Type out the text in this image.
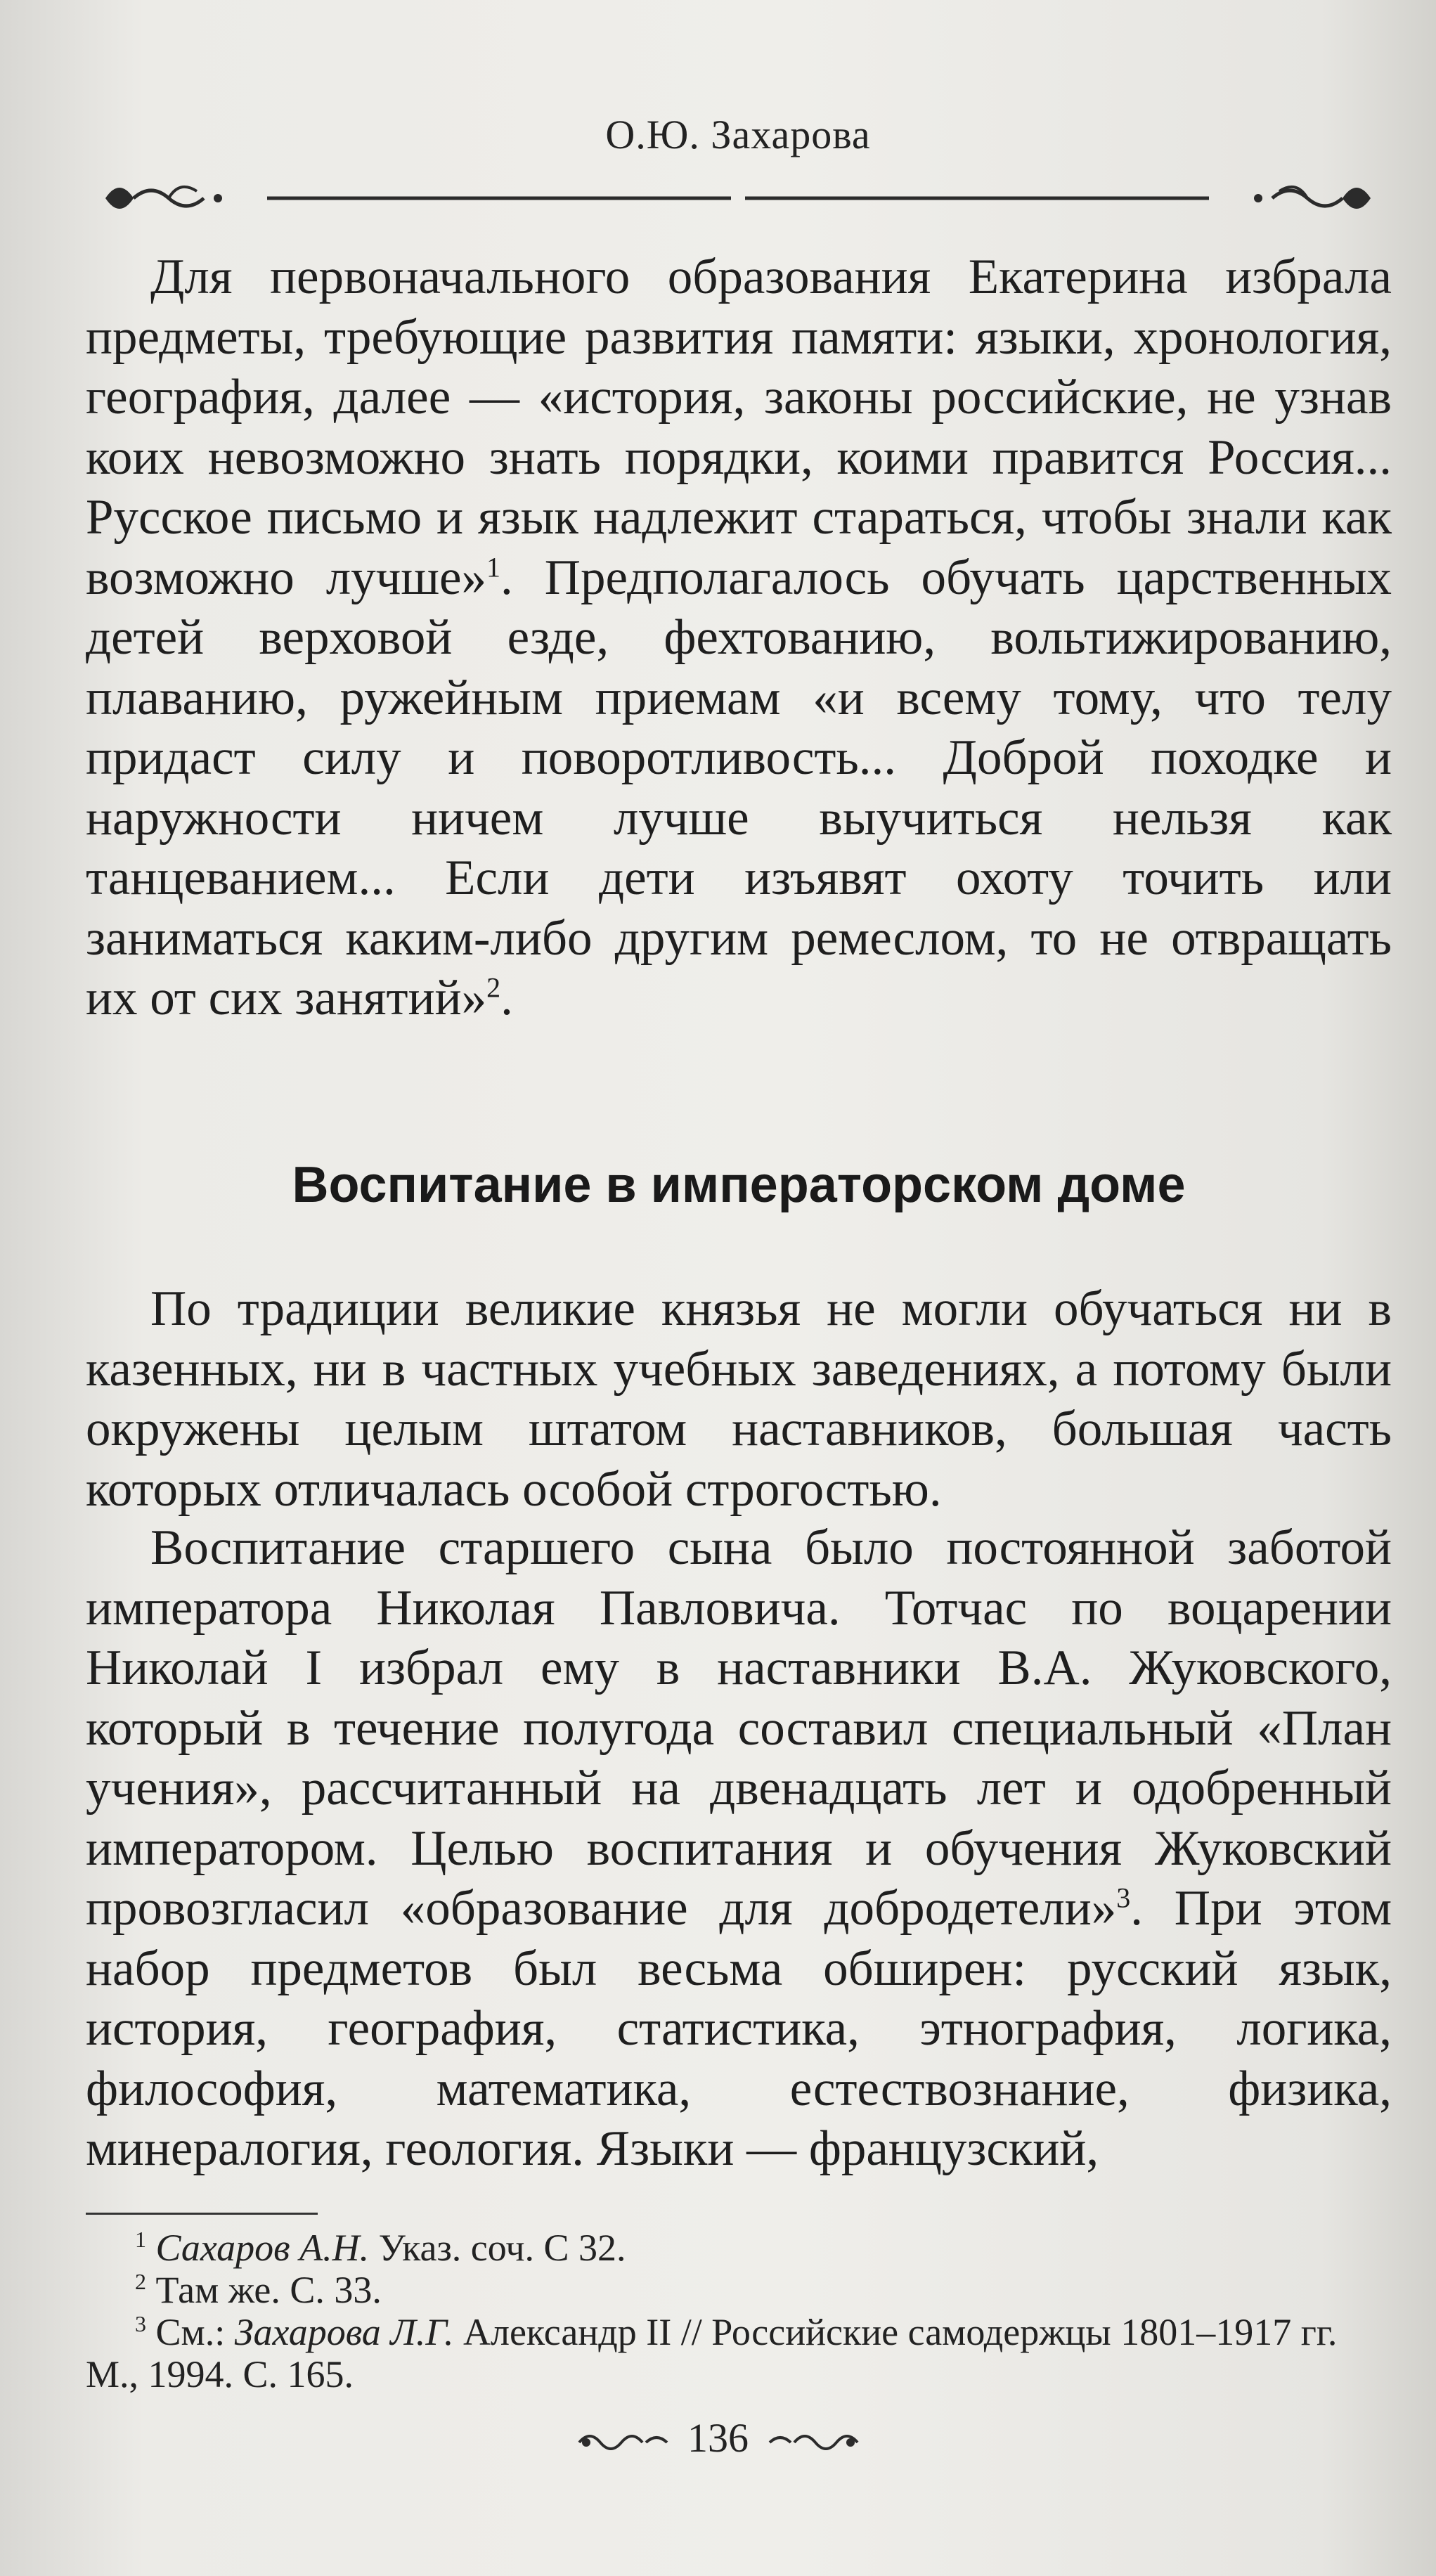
О.Ю. Захарова

Для первоначального образования Екатерина избрала предметы, требующие развития памяти: языки, хронология, география, далее — «история, законы российские, не узнав коих невозможно знать порядки, коими правится Россия... Русское письмо и язык надлежит стараться, чтобы знали как возможно лучше»$^1$. Предполагалось обучать царственных детей верховой езде, фехтованию, вольтижированию, плаванию, ружейным приемам «и всему тому, что телу придаст силу и поворотливость... Доброй походке и наружности ничем лучше выучиться нельзя как танцеванием... Если дети изъявят охоту точить или заниматься каким-либо другим ремеслом, то не отвращать их от сих занятий»$^2$.

Воспитание в императорском доме

По традиции великие князья не могли обучаться ни в казенных, ни в частных учебных заведениях, а потому были окружены целым штатом наставников, большая часть которых отличалась особой строгостью.

Воспитание старшего сына было постоянной заботой императора Николая Павловича. Тотчас по воцарении Николай I избрал ему в наставники В.А. Жуковского, который в течение полугода составил специальный «План учения», рассчитанный на двенадцать лет и одобренный императором. Целью воспитания и обучения Жуковский провозгласил «образование для добродетели»$^3$. При этом набор предметов был весьма обширен: русский язык, история, география, статистика, этнография, логика, философия, математика, естествознание, физика, минералогия, геология. Языки — французский,

$^1$ Сахаров А.Н. Указ. соч. С 32.

$^2$ Там же. С. 33.

$^3$ См.: Захарова Л.Г. Александр II // Российские самодержцы 1801–1917 гг. М., 1994. С. 165.

136
